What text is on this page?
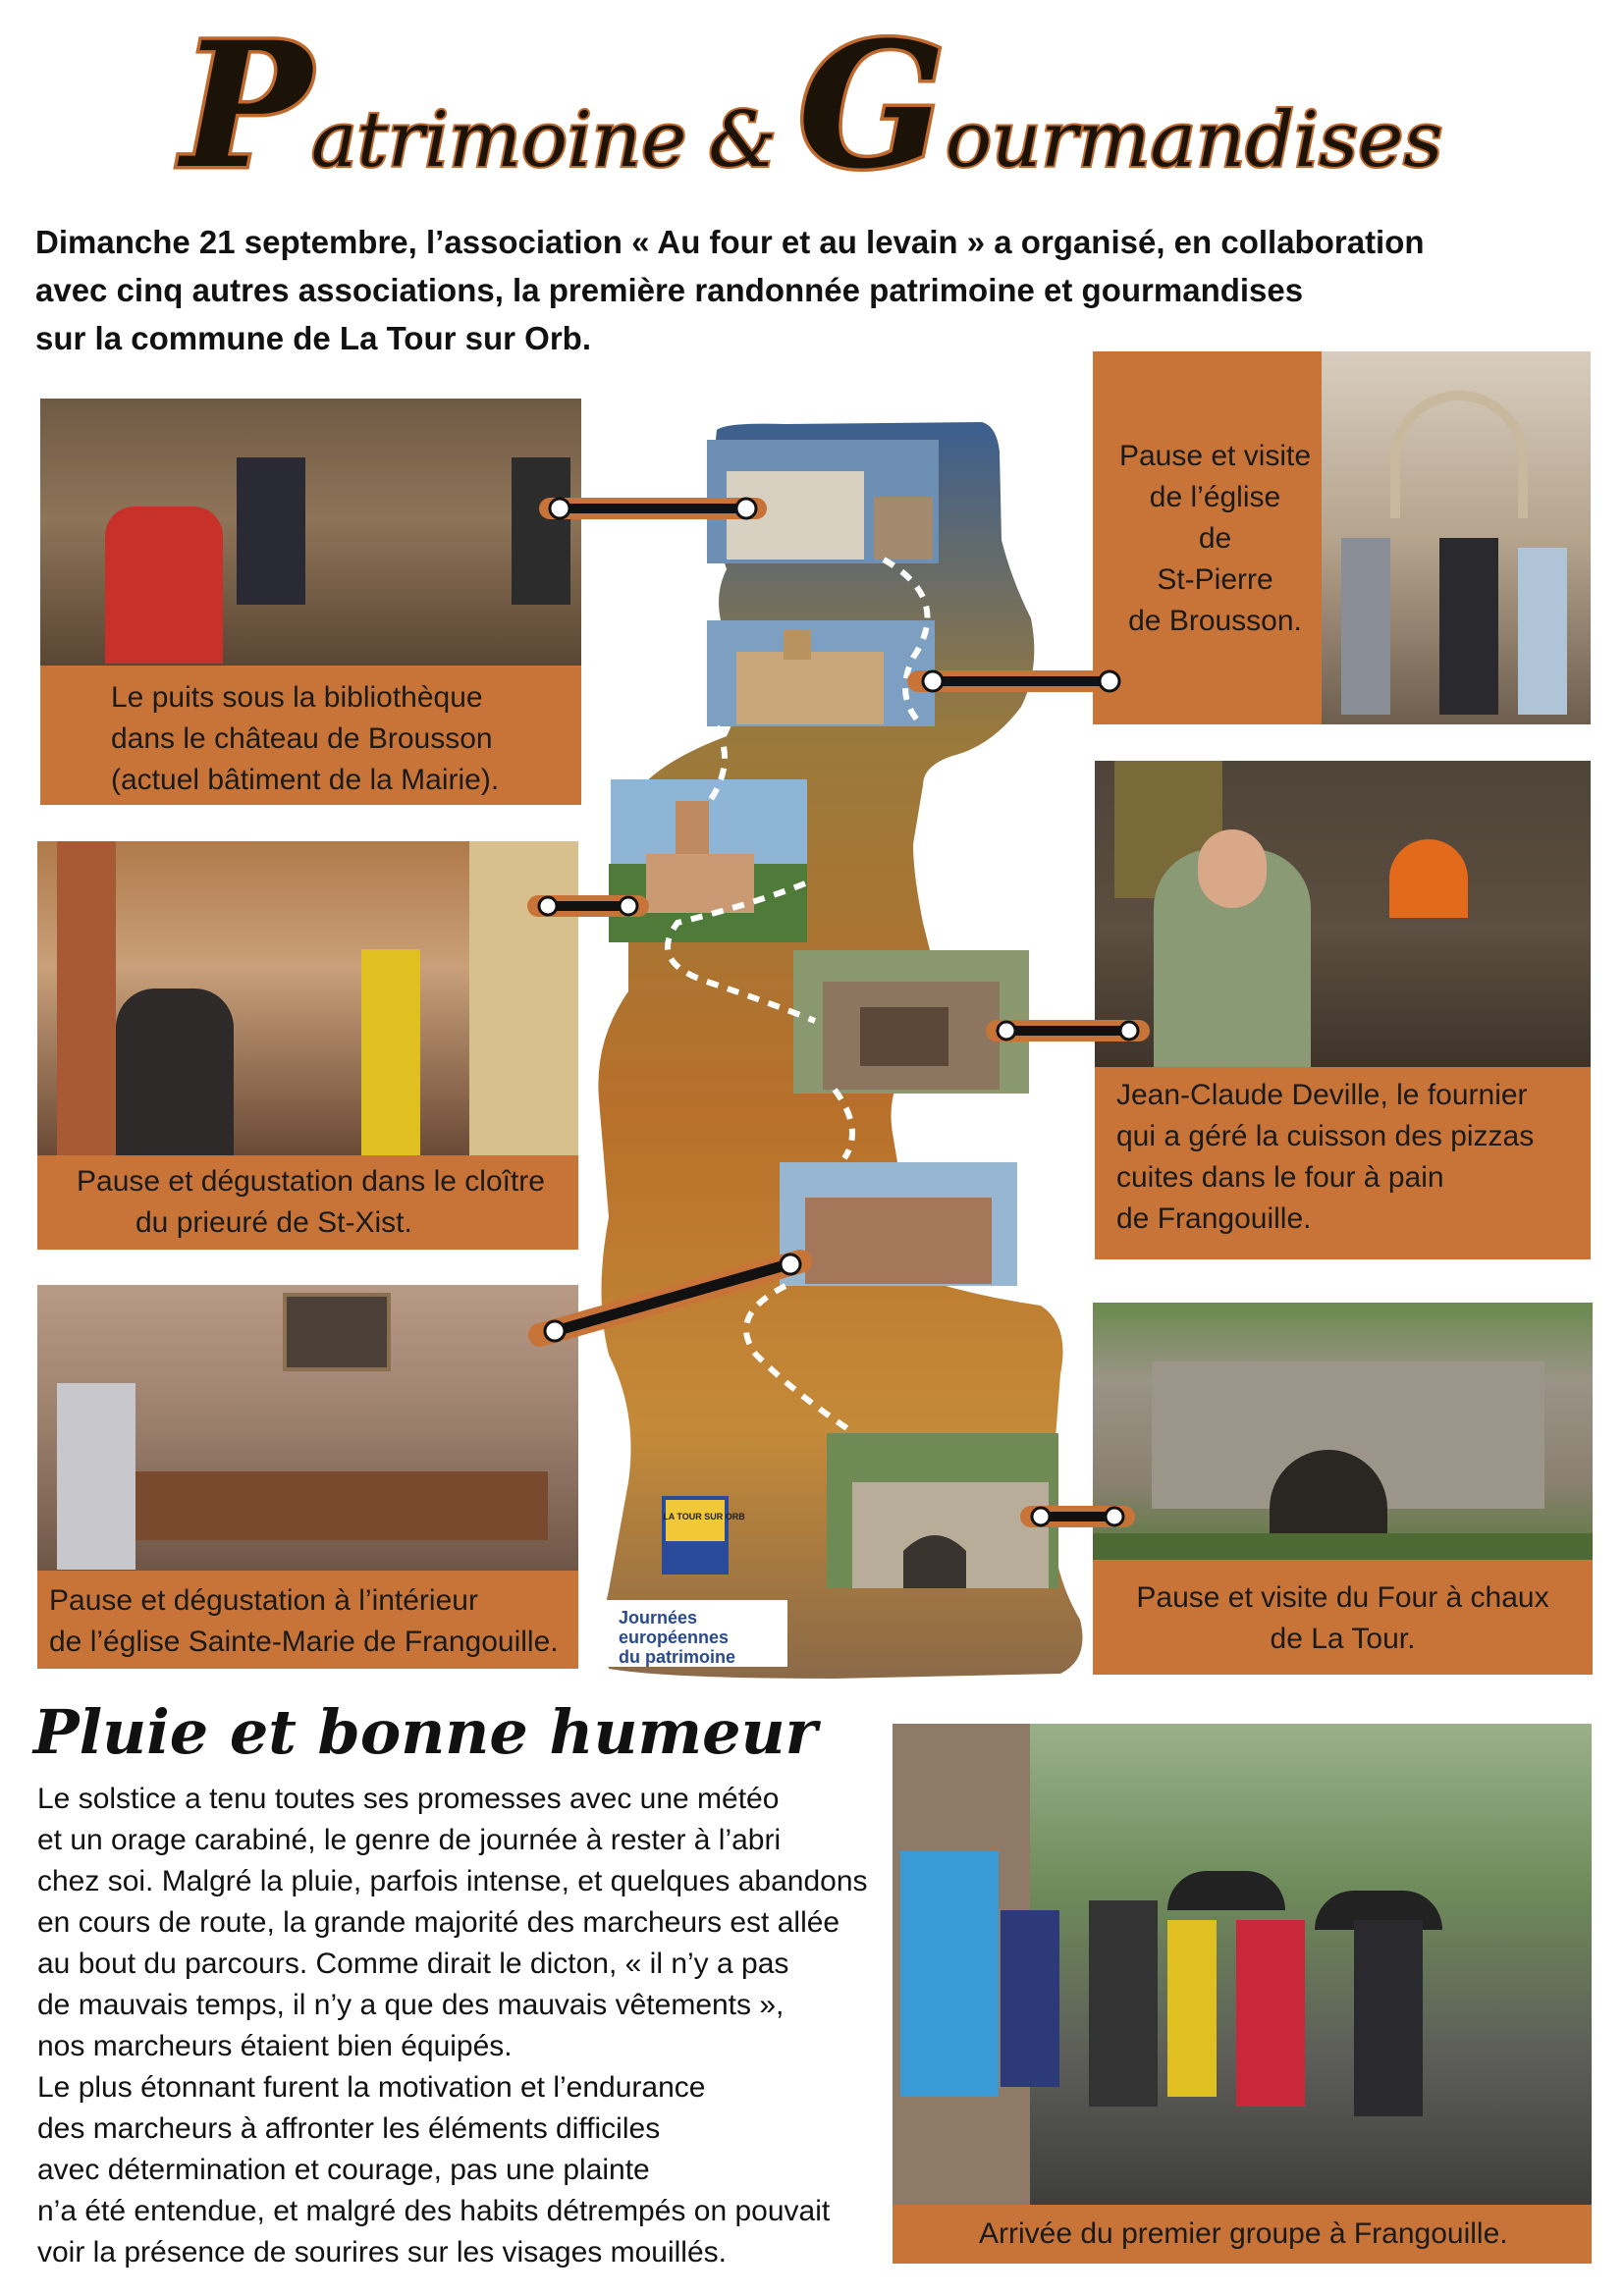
Patrimoine & Gourmandises
Dimanche 21 septembre, l’association « Au four et au levain » a organisé, en collaboration
avec cinq autres associations, la première randonnée patrimoine et gourmandises
sur la commune de La Tour sur Orb.
LA TOUR SUR ORB
Journées
européennes
du patrimoine
Le puits sous la bibliothèque
dans le château de Brousson
(actuel bâtiment de la Mairie).
Pause et dégustation dans le cloître
du prieuré de St-Xist.
Pause et dégustation à l’intérieur
de l’église Sainte-Marie de Frangouille.
Pause et visite
de l’église
de
St-Pierre
de Brousson.
Jean-Claude Deville, le fournier
qui a géré la cuisson des pizzas
cuites dans le four à pain
de Frangouille.
Pause et visite du Four à chaux
de La Tour.
Pluie et bonne humeur
Le solstice a tenu toutes ses promesses avec une météo
et un orage carabiné, le genre de journée à rester à l’abri
chez soi. Malgré la pluie, parfois intense, et quelques abandons
en cours de route, la grande majorité des marcheurs est allée
au bout du parcours. Comme dirait le dicton, « il n’y a pas
de mauvais temps, il n’y a que des mauvais vêtements »,
nos marcheurs étaient bien équipés.
Le plus étonnant furent la motivation et l’endurance
des marcheurs à affronter les éléments difficiles
avec détermination et courage, pas une plainte
n’a été entendue, et malgré des habits détrempés on pouvait
voir la présence de sourires sur les visages mouillés.
Arrivée du premier groupe à Frangouille.
